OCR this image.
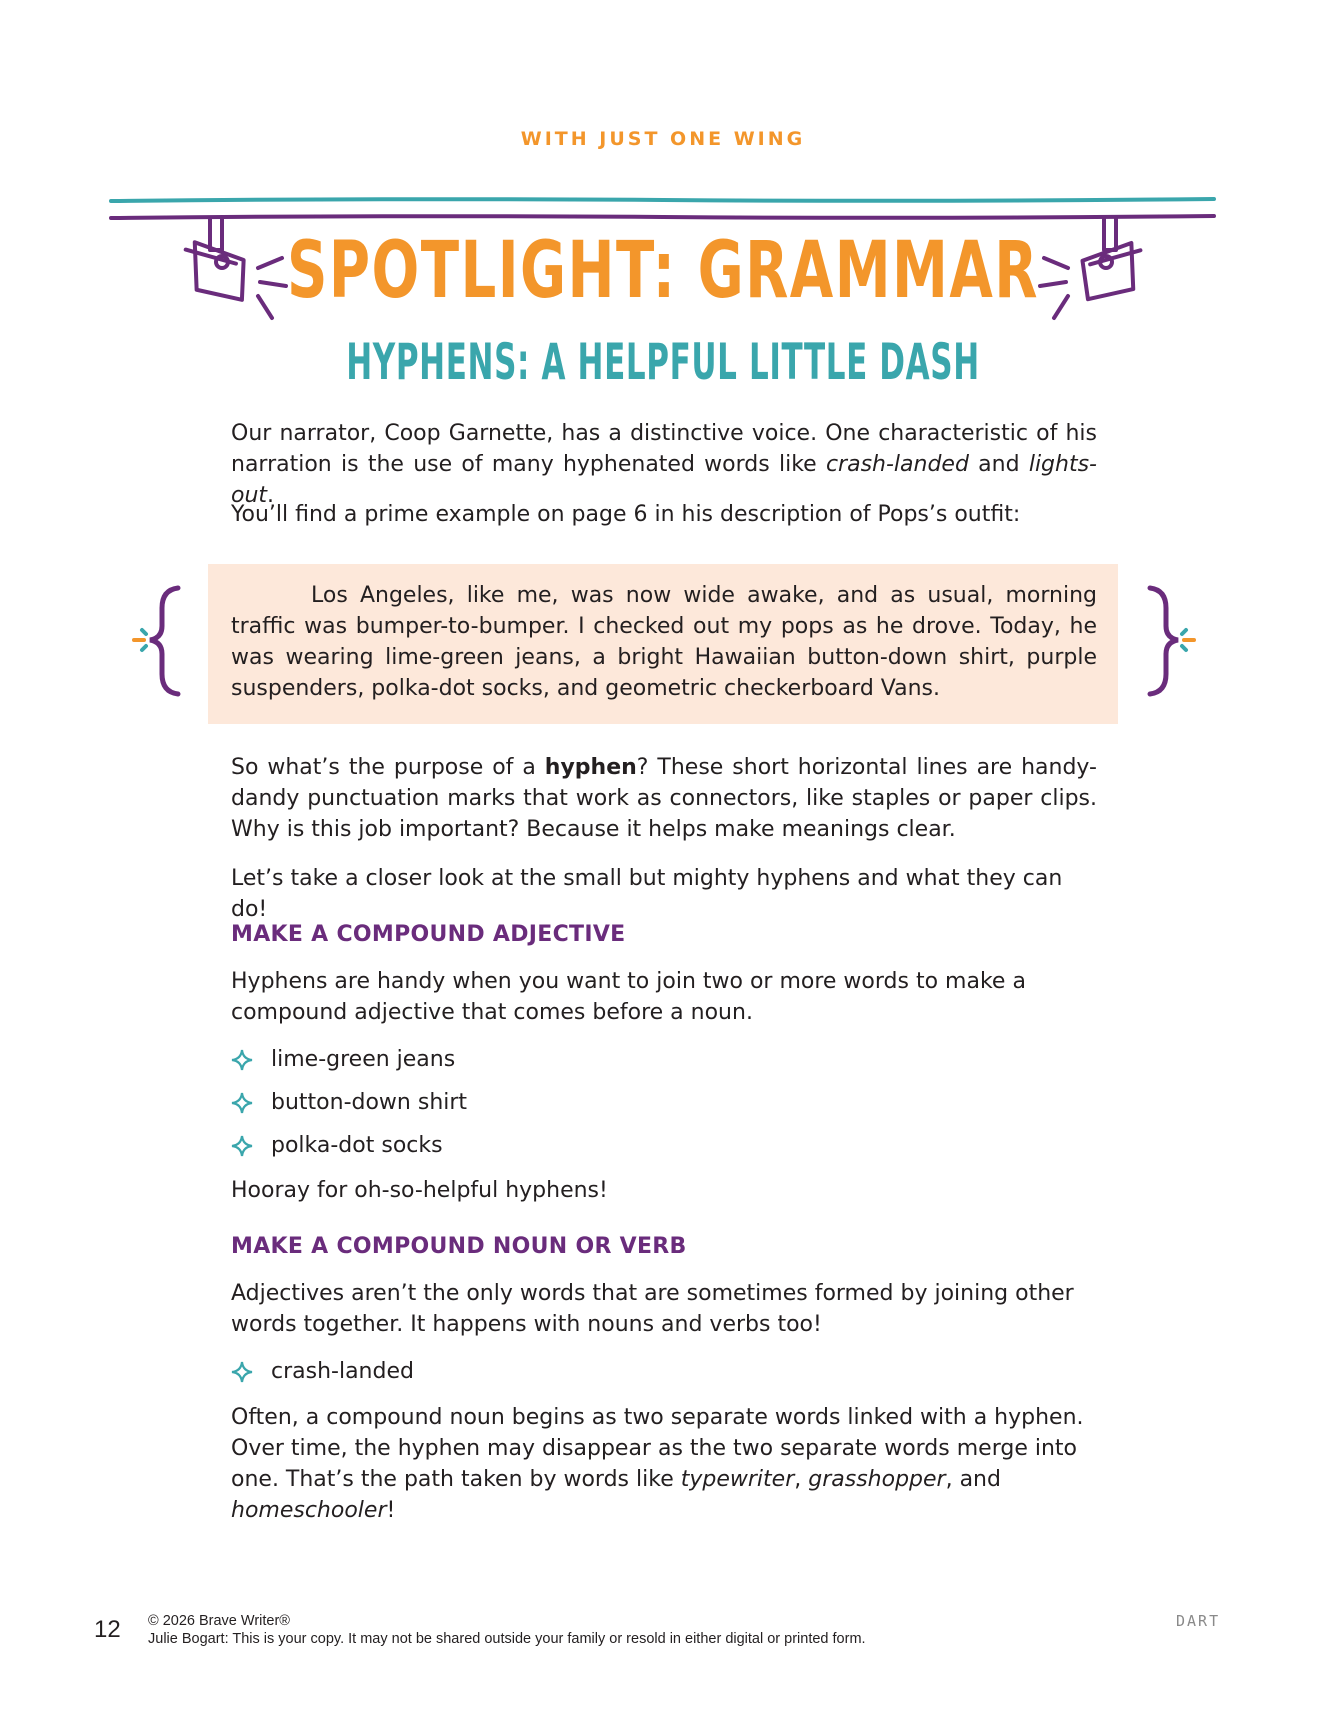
WITH JUST ONE WING
SPOTLIGHT: GRAMMAR
HYPHENS: A HELPFUL LITTLE DASH
Our narrator, Coop Garnette, has a distinctive voice. One characteristic of his narration is the use of many hyphenated words like crash-landed and lights-out.
You’ll find a prime example on page 6 in his description of Pops’s outfit:
Los Angeles, like me, was now wide awake, and as usual, morning traffic was bumper-to-bumper. I checked out my pops as he drove. Today, he was wearing lime-green jeans, a bright Hawaiian button-down shirt, purple suspenders, polka-dot socks, and geometric checkerboard Vans.
So what’s the purpose of a hyphen? These short horizontal lines are handy-dandy punctuation marks that work as connectors, like staples or paper clips. Why is this job important? Because it helps make meanings clear.
Let’s take a closer look at the small but mighty hyphens and what they can do!
MAKE A COMPOUND ADJECTIVE
Hyphens are handy when you want to join two or more words to make a compound adjective that comes before a noun.
lime-green jeans
button-down shirt
polka-dot socks
Hooray for oh-so-helpful hyphens!
MAKE A COMPOUND NOUN OR VERB
Adjectives aren’t the only words that are sometimes formed by joining other words together. It happens with nouns and verbs too!
crash-landed
Often, a compound noun begins as two separate words linked with a hyphen. Over time, the hyphen may disappear as the two separate words merge into one. That’s the path taken by words like typewriter, grasshopper, and homeschooler!
12 © 2026 Brave Writer®
Julie Bogart: This is your copy. It may not be shared outside your family or resold in either digital or printed form.
DART
